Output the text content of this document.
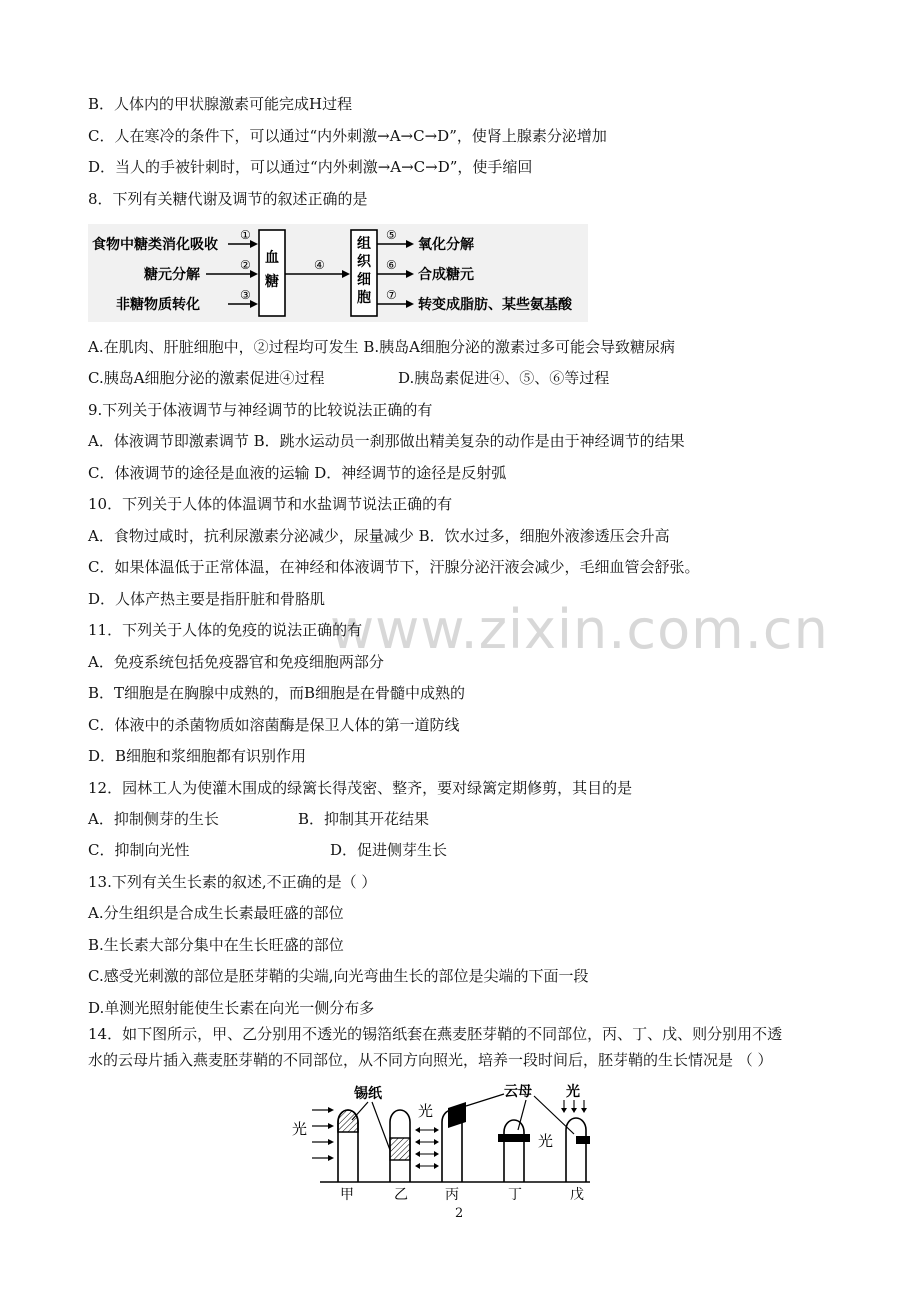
B．人体内的甲状腺激素可能完成H过程
C．人在寒冷的条件下，可以通过“内外刺激→A→C→D”，使肾上腺素分泌增加
D．当人的手被针刺时，可以通过“内外刺激→A→C→D”，使手缩回
8．下列有关糖代谢及调节的叙述正确的是
食物中糖类消化吸收
糖元分解
非糖物质转化
①
②
③
血
糖
④
组
织
细
胞
⑤
⑥
⑦
氧化分解
合成糖元
转变成脂肪、某些氨基酸
A.在肌肉、肝脏细胞中，②过程均可发生 B.胰岛A细胞分泌的激素过多可能会导致糖尿病
C.胰岛A细胞分泌的激素促进④过程	D.胰岛素促进④、⑤、⑥等过程
9.下列关于体液调节与神经调节的比较说法正确的有
A．体液调节即激素调节 B．跳水运动员一刹那做出精美复杂的动作是由于神经调节的结果
C．体液调节的途径是血液的运输 D．神经调节的途径是反射弧
10．下列关于人体的体温调节和水盐调节说法正确的有
A．食物过咸时，抗利尿激素分泌减少，尿量减少 B．饮水过多，细胞外液渗透压会升高
C．如果体温低于正常体温，在神经和体液调节下，汗腺分泌汗液会减少，毛细血管会舒张。
D．人体产热主要是指肝脏和骨胳肌 www.zixin.com.cn
11．下列关于人体的免疫的说法正确的有
A．免疫系统包括免疫器官和免疫细胞两部分
B．T细胞是在胸腺中成熟的，而B细胞是在骨髓中成熟的
C．体液中的杀菌物质如溶菌酶是保卫人体的第一道防线
D．B细胞和浆细胞都有识别作用
12．园林工人为使灌木围成的绿篱长得茂密、整齐，要对绿篱定期修剪，其目的是
A．抑制侧芽的生长	B．抑制其开花结果
C．抑制向光性	D．促进侧芽生长
13.下列有关生长素的叙述,不正确的是（ ）
A.分生组织是合成生长素最旺盛的部位
B.生长素大部分集中在生长旺盛的部位
C.感受光刺激的部位是胚芽鞘的尖端,向光弯曲生长的部位是尖端的下面一段
D.单测光照射能使生长素在向光一侧分布多
14．如下图所示，甲、乙分别用不透光的锡箔纸套在燕麦胚芽鞘的不同部位，丙、丁、戊、则分别用不透
水的云母片插入燕麦胚芽鞘的不同部位，从不同方向照光，培养一段时间后，胚芽鞘的生长情况是 （ ）
光
甲
锡纸
乙
光
丙
云母
丁
光
光
戊
2
